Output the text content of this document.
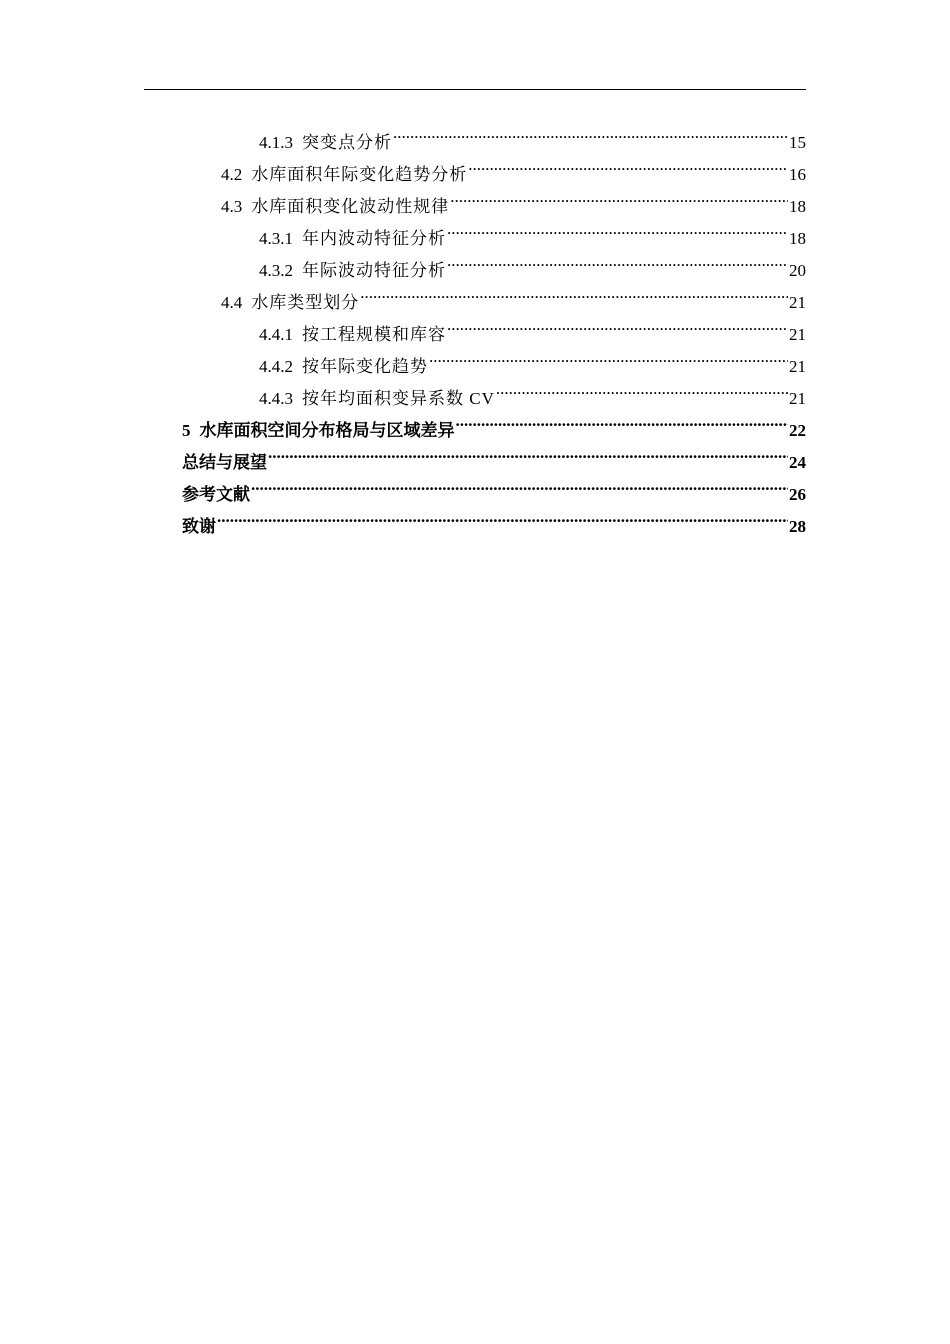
4.1.3 突变点分析 .....	15
4.2 水库面积年际变化趋势分析 .....	16
4.3 水库面积变化波动性规律 .....	18
4.3.1 年内波动特征分析 .....	18
4.3.2 年际波动特征分析 .....	20
4.4 水库类型划分 .....	21
4.4.1 按工程规模和库容 .....	21
4.4.2 按年际变化趋势 .....	21
4.4.3 按年均面积变异系数 CV .....	21
5 水库面积空间分布格局与区域差异 .....	22
总结与展望 .....	24
参考文献 .....	26
致谢 .....	28
